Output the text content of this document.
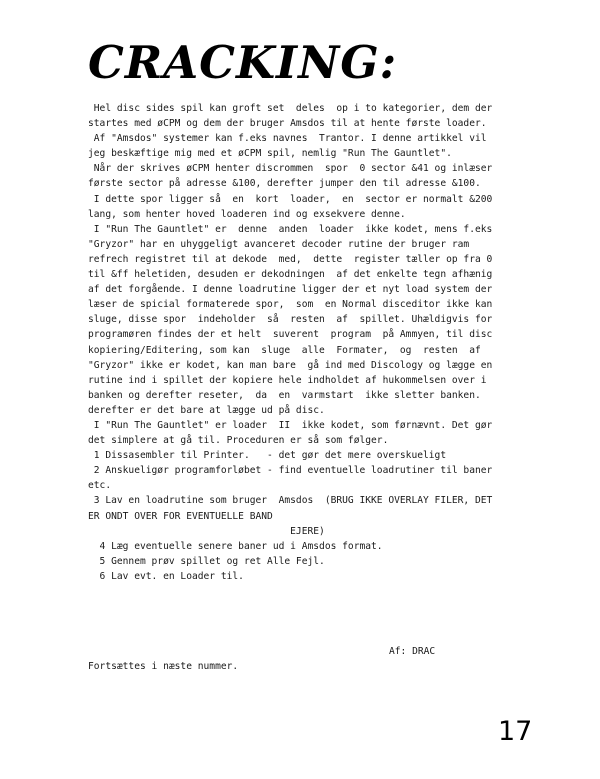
CRACKING:

Hel disc sides spil kan groft set  deles  op i to kategorier, dem der

startes med øCPM og dem der bruger Amsdos til at hente første loader.

Af "Amsdos" systemer kan f.eks navnes  Trantor. I denne artikkel vil

jeg beskæftige mig med et øCPM spil, nemlig "Run The Gauntlet".

Når der skrives øCPM henter discrommen  spor  0 sector &41 og inlæser

første sector på adresse &100, derefter jumper den til adresse &100.

I dette spor ligger så  en  kort  loader,  en  sector er normalt &200

lang, som henter hoved loaderen ind og exsekvere denne.

I "Run The Gauntlet" er  denne  anden  loader  ikke kodet, mens f.eks

"Gryzor" har en uhyggeligt avanceret decoder rutine der bruger ram

refrech registret til at dekode  med,  dette  register tæller op fra 0

til &ff heletiden, desuden er dekodningen  af det enkelte tegn afhænig

af det forgående. I denne loadrutine ligger der et nyt load system der

læser de spicial formaterede spor,  som  en Normal disceditor ikke kan

sluge, disse spor  indeholder  så  resten  af  spillet. Uhældigvis for

programøren findes der et helt  suverent  program  på Ammyen, til disc

kopiering/Editering, som kan  sluge  alle  Formater,  og  resten  af

"Gryzor" ikke er kodet, kan man bare  gå ind med Discology og lægge en

rutine ind i spillet der kopiere hele indholdet af hukommelsen over i

banken og derefter reseter,  da  en  varmstart  ikke sletter banken.

derefter er det bare at lægge ud på disc.

I "Run The Gauntlet" er loader  II  ikke kodet, som førnævnt. Det gør

det simplere at gå til. Proceduren er så som følger.

1 Dissasembler til Printer.   - det gør det mere overskueligt

2 Anskueligør programforløbet - find eventuelle loadrutiner til baner

etc.

3 Lav en loadrutine som bruger  Amsdos  (BRUG IKKE OVERLAY FILER, DET

ER ONDT OVER FOR EVENTUELLE BAND

EJERE)

4 Læg eventuelle senere baner ud i Amsdos format.

5 Gennem prøv spillet og ret Alle Fejl.

6 Lav evt. en Loader til.

Af: DRAC
Fortsættes i næste nummer.
17
